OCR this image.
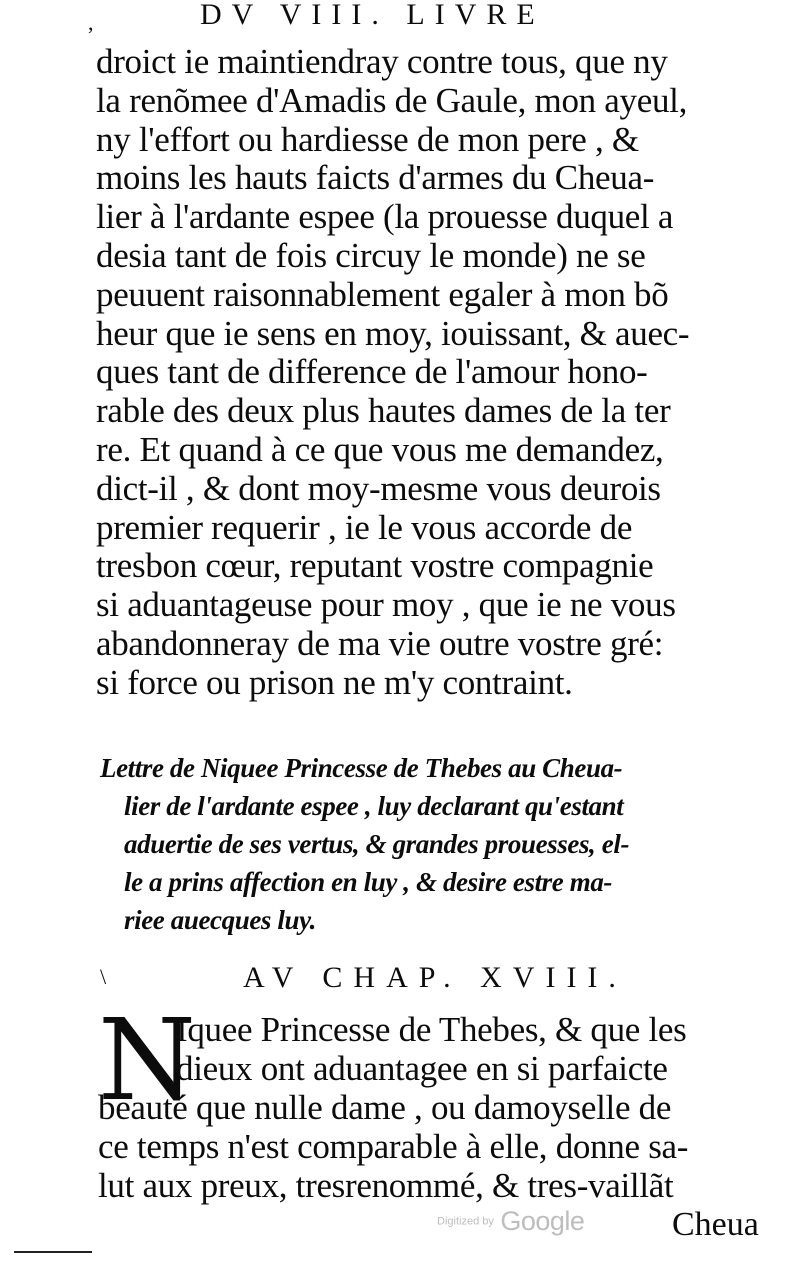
,	DV VIII. LIVRE
droict ie maintiendray contre tous, que ny
la renõmee d'Amadis de Gaule, mon ayeul,
ny l'effort ou hardiesse de mon pere , &
moins les hauts faicts d'armes du Cheua-
lier à l'ardante espee (la prouesse duquel a
desia tant de fois circuy le monde) ne se
peuuent raisonnablement egaler à mon bõ
heur que ie sens en moy, iouissant, & auec-
ques tant de difference de l'amour hono-
rable des deux plus hautes dames de la ter
re. Et quand à ce que vous me demandez,
dict-il , & dont moy-mesme vous deurois
premier requerir , ie le vous accorde de
tresbon cœur, reputant vostre compagnie
si aduantageuse pour moy , que ie ne vous
abandonneray de ma vie outre vostre gré:
si force ou prison ne m'y contraint.
Lettre de Niquee Princesse de Thebes au Cheua-
lier de l'ardante espee , luy declarant qu'estant
aduertie de ses vertus, & grandes prouesses, el-
le a prins affection en luy , & desire estre ma-
riee auecques luy.
\	AV CHAP. XVIII.
N
Iquee Princesse de Thebes, & que les
dieux ont aduantagee en si parfaicte
beauté que nulle dame , ou damoyselle de
ce temps n'est comparable à elle, donne sa-
lut aux preux, tresrenommé, & tres-vaillãt
Digitized by Google	Cheua
